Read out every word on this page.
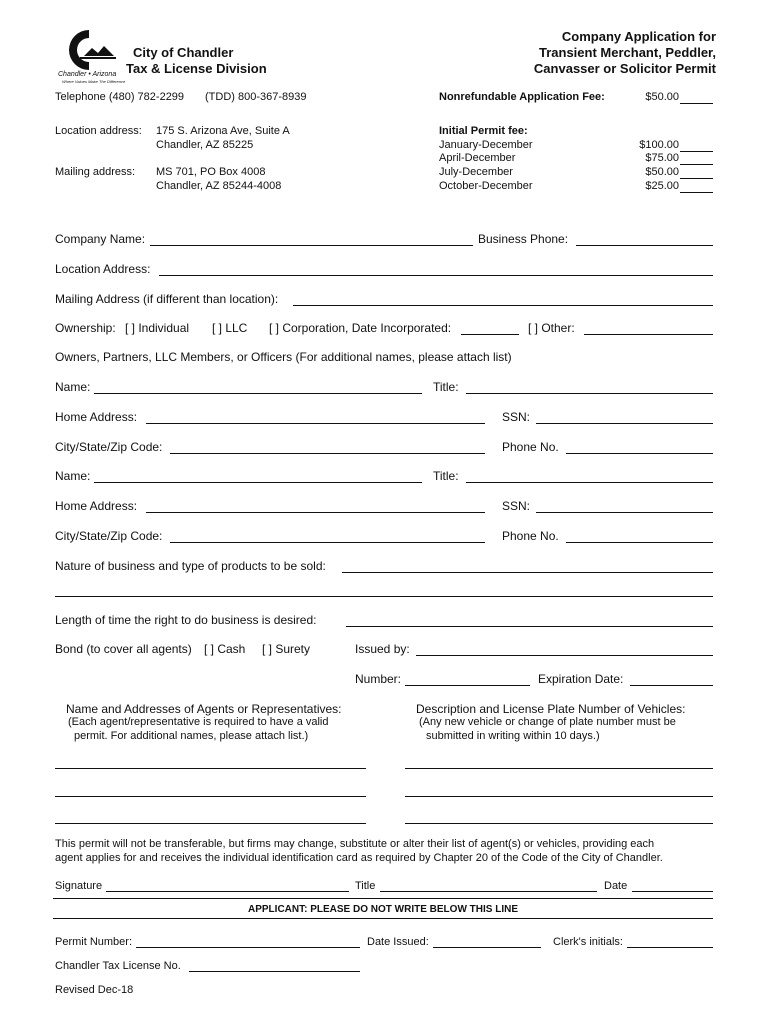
Chandler • Arizona
Where Values Make The Difference
City of Chandler
Tax & License Division
Company Application for
Transient Merchant, Peddler,
Canvasser or Solicitor Permit
Telephone (480) 782-2299 (TDD) 800-367-8939
Location address: 175 S. Arizona Ave, Suite A
Chandler, AZ 85225
Mailing address: MS 701, PO Box 4008
Chandler, AZ 85244-4008
Nonrefundable Application Fee:	$50.00
Initial Permit fee:
January-December	$100.00
April-December	$75.00
July-December	$50.00
October-December	$25.00
Company Name:	Business Phone:
Location Address:
Mailing Address (if different than location):
Ownership: [ ] Individual [ ] LLC [ ] Corporation, Date Incorporated:	[ ] Other:
Owners, Partners, LLC Members, or Officers (For additional names, please attach list)
Name:	Title:
Home Address:	SSN:
City/State/Zip Code:	Phone No.
Name:	Title:
Home Address:	SSN:
City/State/Zip Code:	Phone No.
Nature of business and type of products to be sold:
Length of time the right to do business is desired:
Bond (to cover all agents) [ ] Cash [ ] Surety	Issued by:
Number:	Expiration Date:
Name and Addresses of Agents or Representatives:
(Each agent/representative is required to have a valid
permit. For additional names, please attach list.)
Description and License Plate Number of Vehicles:
(Any new vehicle or change of plate number must be
submitted in writing within 10 days.)
This permit will not be transferable, but firms may change, substitute or alter their list of agent(s) or vehicles, providing each
agent applies for and receives the individual identification card as required by Chapter 20 of the Code of the City of Chandler.
Signature	Title	Date
APPLICANT: PLEASE DO NOT WRITE BELOW THIS LINE
Permit Number:	Date Issued:	Clerk's initials:
Chandler Tax License No.
Revised Dec-18
